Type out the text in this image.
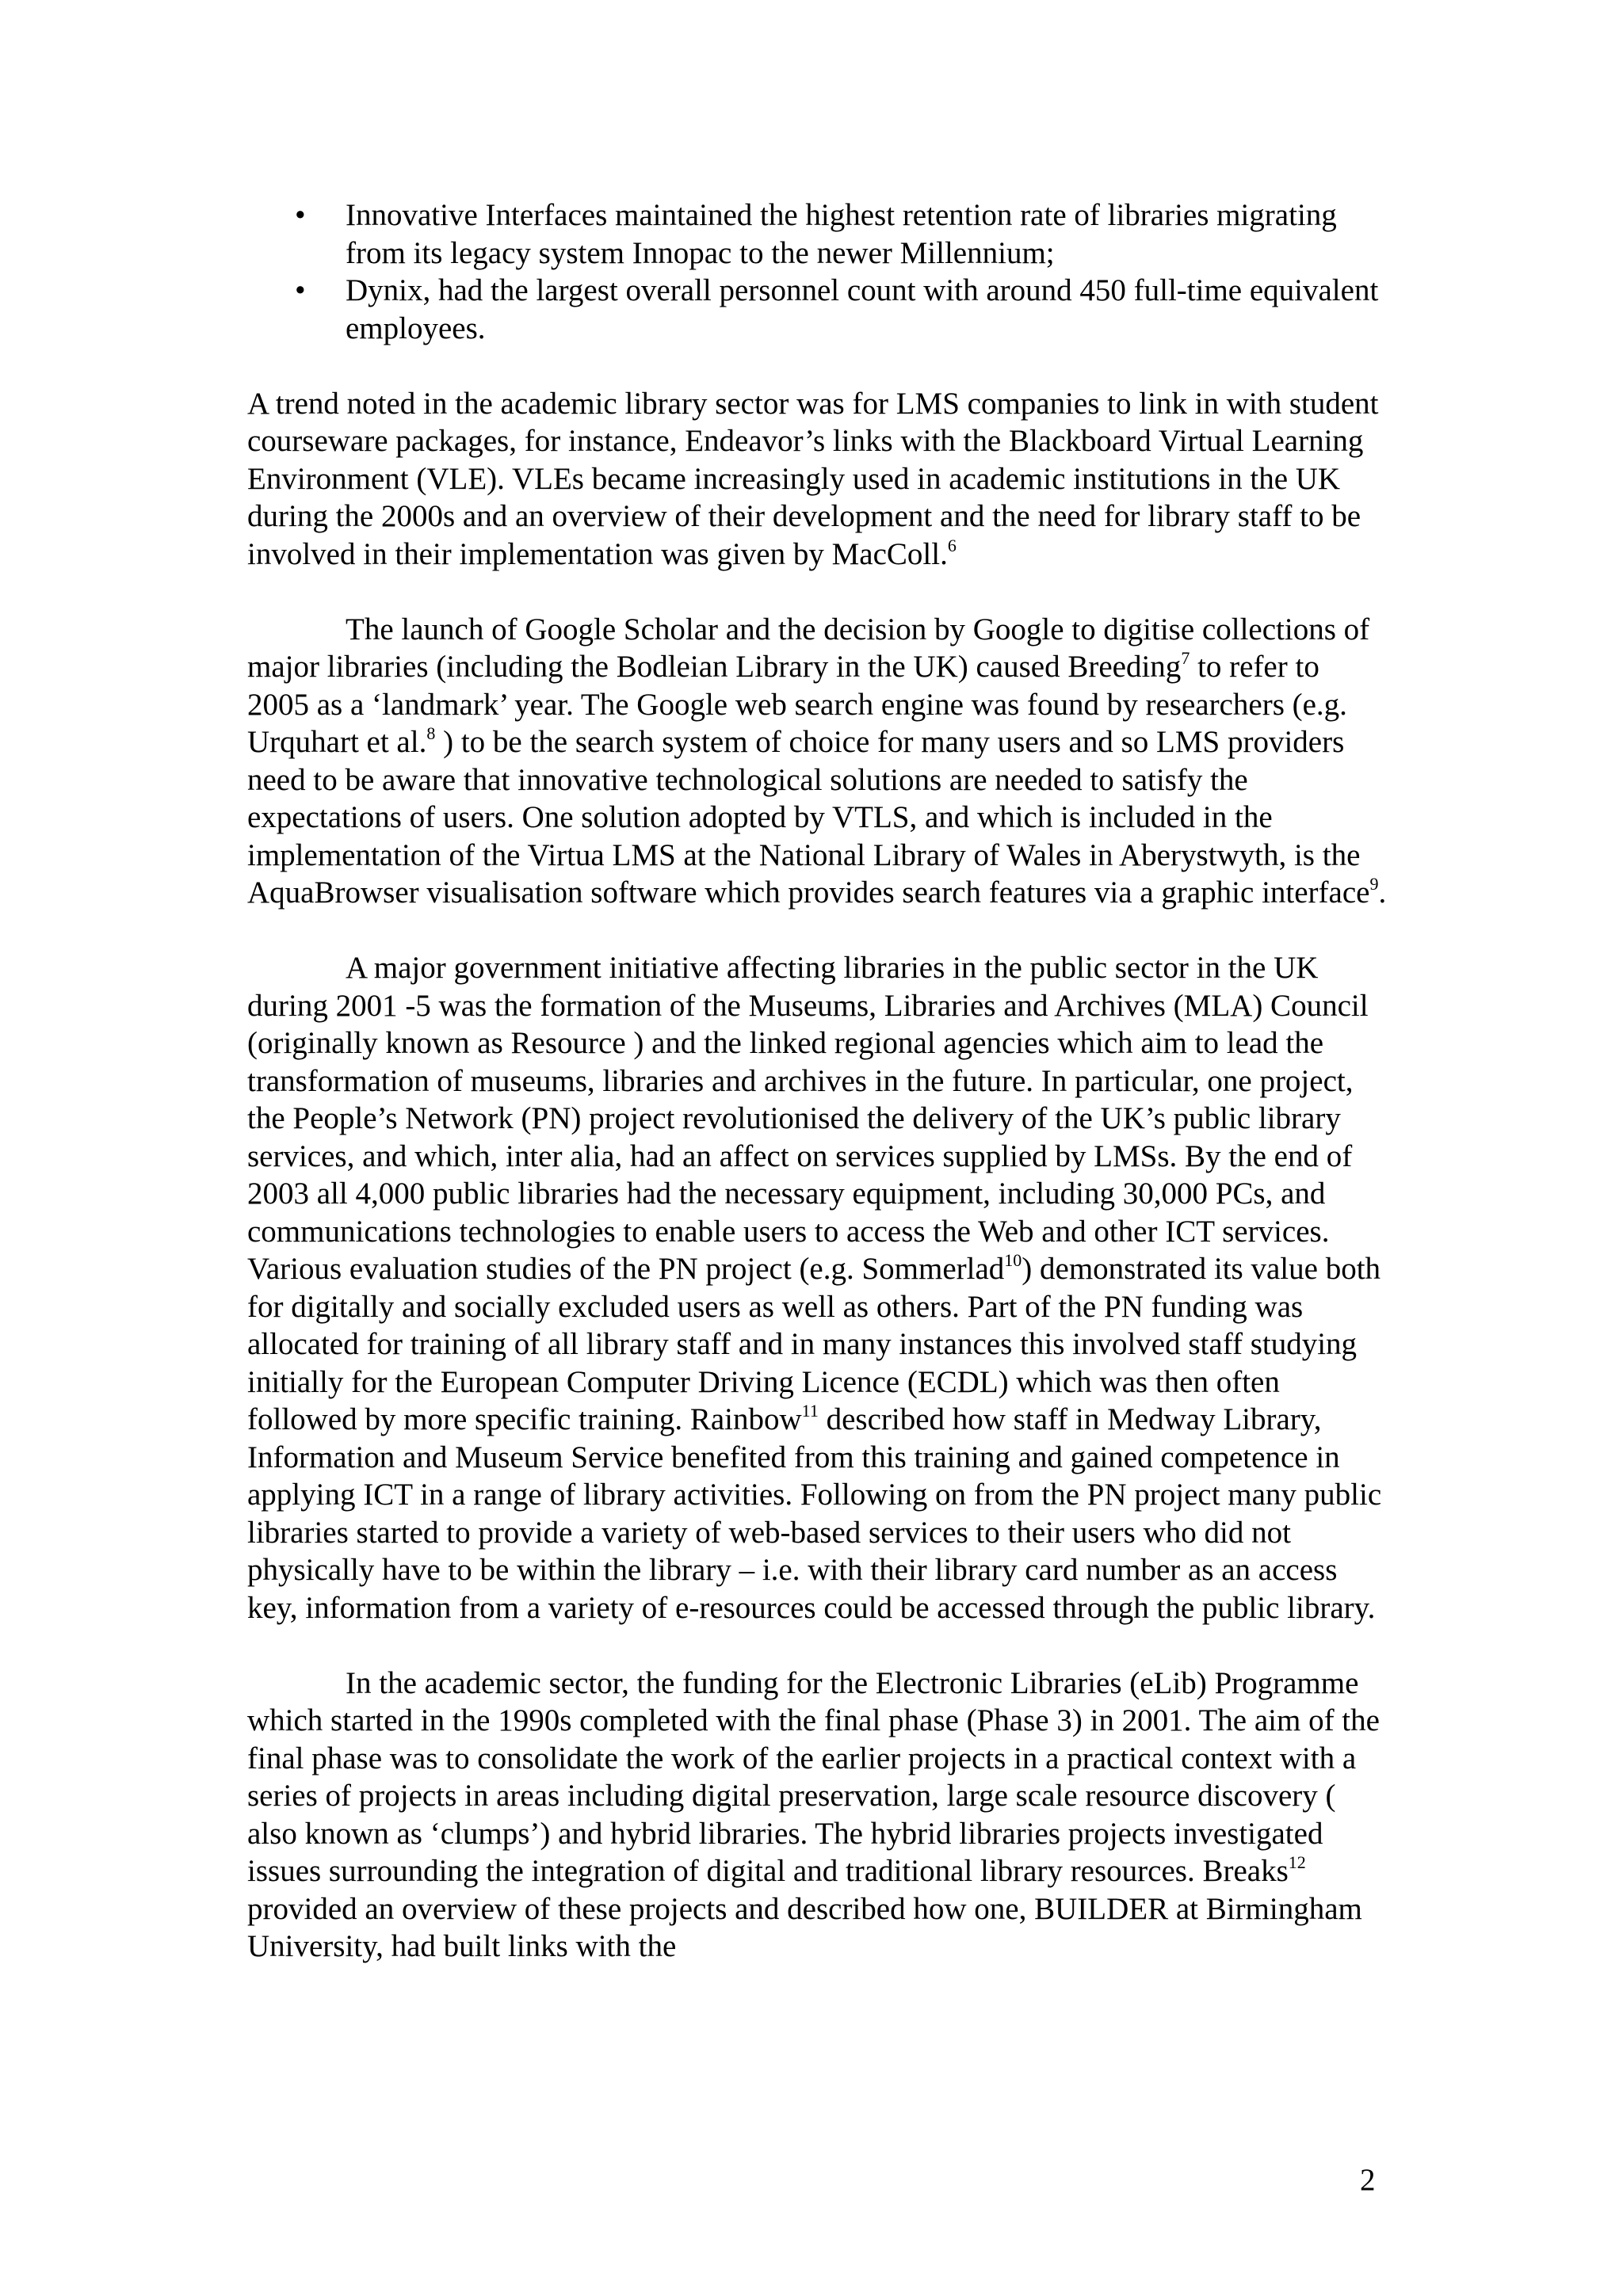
• Innovative Interfaces maintained the highest retention rate of libraries migrating from its legacy system Innopac to the newer Millennium;
• Dynix, had the largest overall personnel count with around 450 full-time equivalent employees.

A trend noted in the academic library sector was for LMS companies to link in with student courseware packages, for instance, Endeavor’s links with the Blackboard Virtual Learning Environment (VLE). VLEs became increasingly used in academic institutions in the UK during the 2000s and an overview of their development and the need for library staff to be involved in their implementation was given by MacColl.$^6$

The launch of Google Scholar and the decision by Google to digitise collections of major libraries (including the Bodleian Library in the UK) caused Breeding$^7$ to refer to 2005 as a ‘landmark’ year. The Google web search engine was found by researchers (e.g. Urquhart et al.$^8$ ) to be the search system of choice for many users and so LMS providers need to be aware that innovative technological solutions are needed to satisfy the expectations of users. One solution adopted by VTLS, and which is included in the implementation of the Virtua LMS at the National Library of Wales in Aberystwyth, is the AquaBrowser visualisation software which provides search features via a graphic interface$^9$.

A major government initiative affecting libraries in the public sector in the UK during 2001 -5 was the formation of the Museums, Libraries and Archives (MLA) Council (originally known as Resource ) and the linked regional agencies which aim to lead the transformation of museums, libraries and archives in the future. In particular, one project, the People’s Network (PN) project revolutionised the delivery of the UK’s public library services, and which, inter alia, had an affect on services supplied by LMSs. By the end of 2003 all 4,000 public libraries had the necessary equipment, including 30,000 PCs, and communications technologies to enable users to access the Web and other ICT services. Various evaluation studies of the PN project (e.g. Sommerlad$^{10}$) demonstrated its value both for digitally and socially excluded users as well as others. Part of the PN funding was allocated for training of all library staff and in many instances this involved staff studying initially for the European Computer Driving Licence (ECDL) which was then often followed by more specific training. Rainbow$^{11}$ described how staff in Medway Library, Information and Museum Service benefited from this training and gained competence in applying ICT in a range of library activities. Following on from the PN project many public libraries started to provide a variety of web-based services to their users who did not physically have to be within the library – i.e. with their library card number as an access key, information from a variety of e-resources could be accessed through the public library.

In the academic sector, the funding for the Electronic Libraries (eLib) Programme which started in the 1990s completed with the final phase (Phase 3) in 2001. The aim of the final phase was to consolidate the work of the earlier projects in a practical context with a series of projects in areas including digital preservation, large scale resource discovery ( also known as ‘clumps’) and hybrid libraries. The hybrid libraries projects investigated issues surrounding the integration of digital and traditional library resources. Breaks$^{12}$ provided an overview of these projects and described how one, BUILDER at Birmingham University, had built links with the

2
